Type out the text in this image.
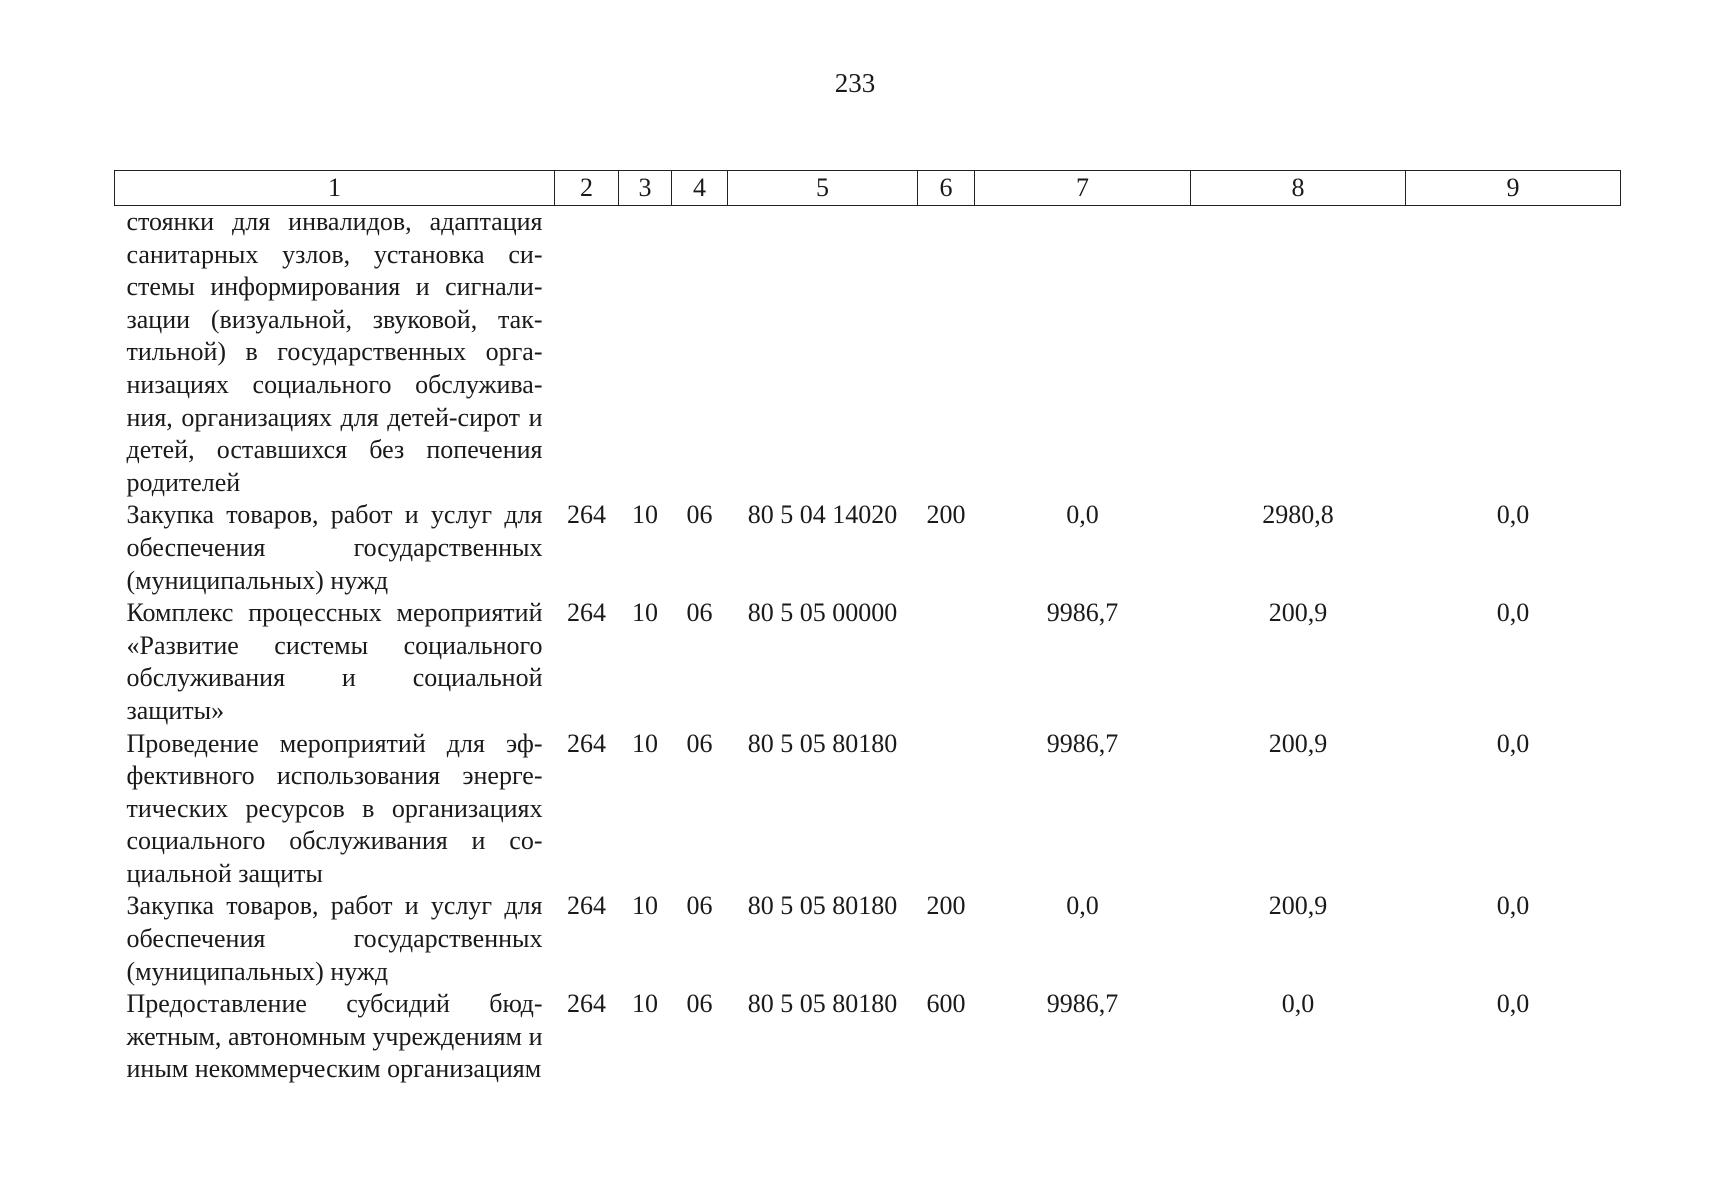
233
1	2	3	4	5	6	7	8	9
стоянки для инвалидов, адаптация санитарных узлов, установка системы информирования и сигнализации (визуальной, звуковой, тактильной) в государственных организациях социального обслуживания, организациях для детей-сирот и детей, оставшихся без попечения родителей								
Закупка товаров, работ и услуг для обеспечения государственных (муниципальных) нужд	264	10	06	80 5 04 14020	200	0,0	2980,8	0,0
Комплекс процессных мероприятий «Развитие системы социального обслуживания и социальной защиты»	264	10	06	80 5 05 00000		9986,7	200,9	0,0
Проведение мероприятий для эффективного использования энергетических ресурсов в организациях социального обслуживания и социальной защиты	264	10	06	80 5 05 80180		9986,7	200,9	0,0
Закупка товаров, работ и услуг для обеспечения государственных (муниципальных) нужд	264	10	06	80 5 05 80180	200	0,0	200,9	0,0
Предоставление субсидий бюджетным, автономным учреждениям и иным некоммерческим организациям	264	10	06	80 5 05 80180	600	9986,7	0,0	0,0
